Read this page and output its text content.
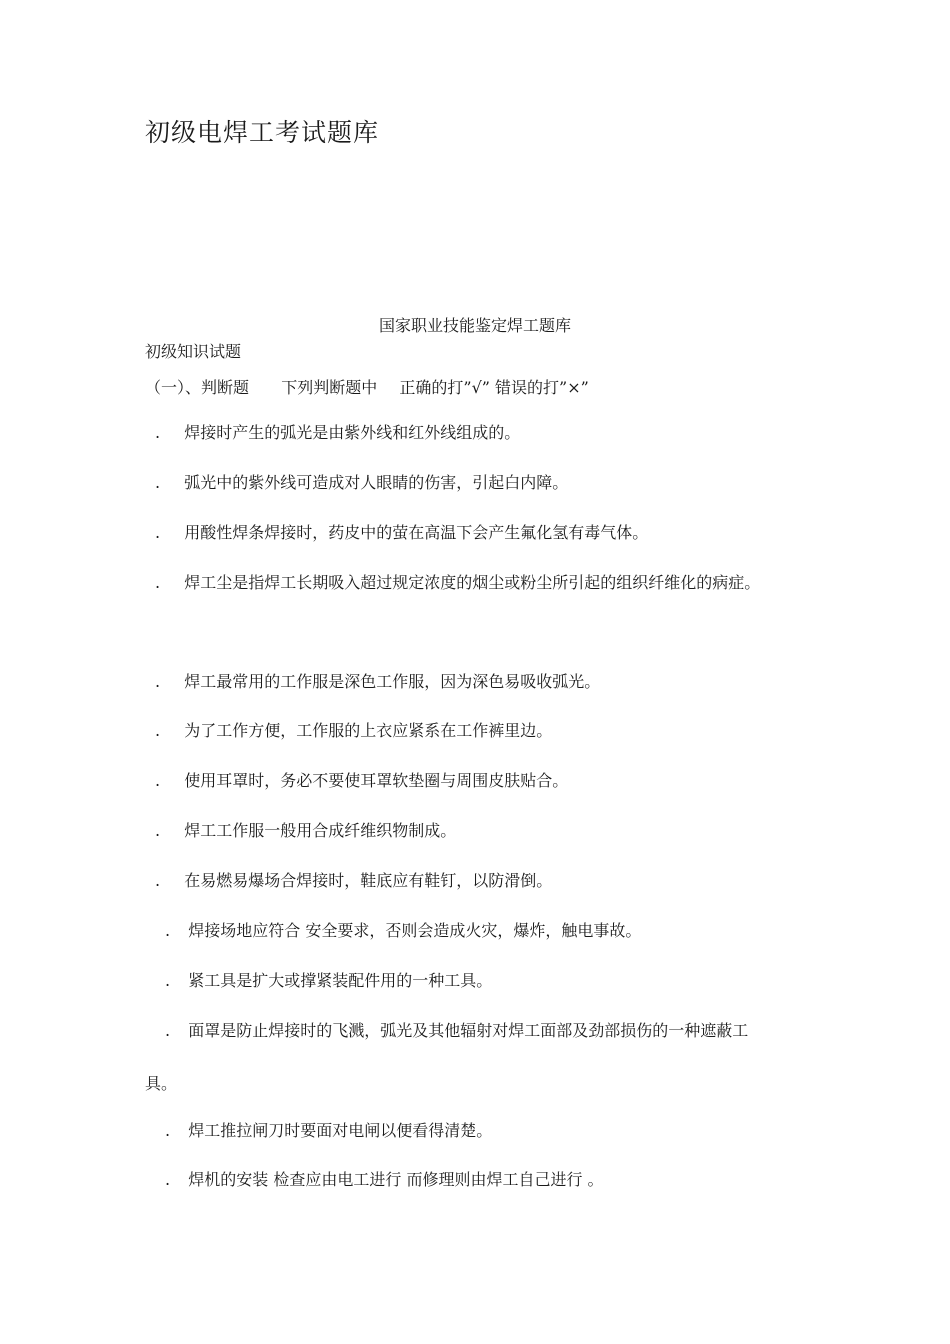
初级电焊工考试题库
国家职业技能鉴定焊工题库
初级知识试题
（一）、判断题 下列判断题中 正确的打”√” 错误的打”×”
. 焊接时产生的弧光是由紫外线和红外线组成的。
. 弧光中的紫外线可造成对人眼睛的伤害，引起白内障。
. 用酸性焊条焊接时，药皮中的萤在高温下会产生氟化氢有毒气体。
. 焊工尘是指焊工长期吸入超过规定浓度的烟尘或粉尘所引起的组织纤维化的病症。
. 焊工最常用的工作服是深色工作服，因为深色易吸收弧光。
. 为了工作方便，工作服的上衣应紧系在工作裤里边。
. 使用耳罩时，务必不要使耳罩软垫圈与周围皮肤贴合。
. 焊工工作服一般用合成纤维织物制成。
. 在易燃易爆场合焊接时，鞋底应有鞋钉，以防滑倒。
. 焊接场地应符合 安全要求，否则会造成火灾，爆炸，触电事故。
. 紧工具是扩大或撑紧装配件用的一种工具。
. 面罩是防止焊接时的飞溅，弧光及其他辐射对焊工面部及劲部损伤的一种遮蔽工
具。
. 焊工推拉闸刀时要面对电闸以便看得清楚。
. 焊机的安装 检查应由电工进行 而修理则由焊工自己进行 。
